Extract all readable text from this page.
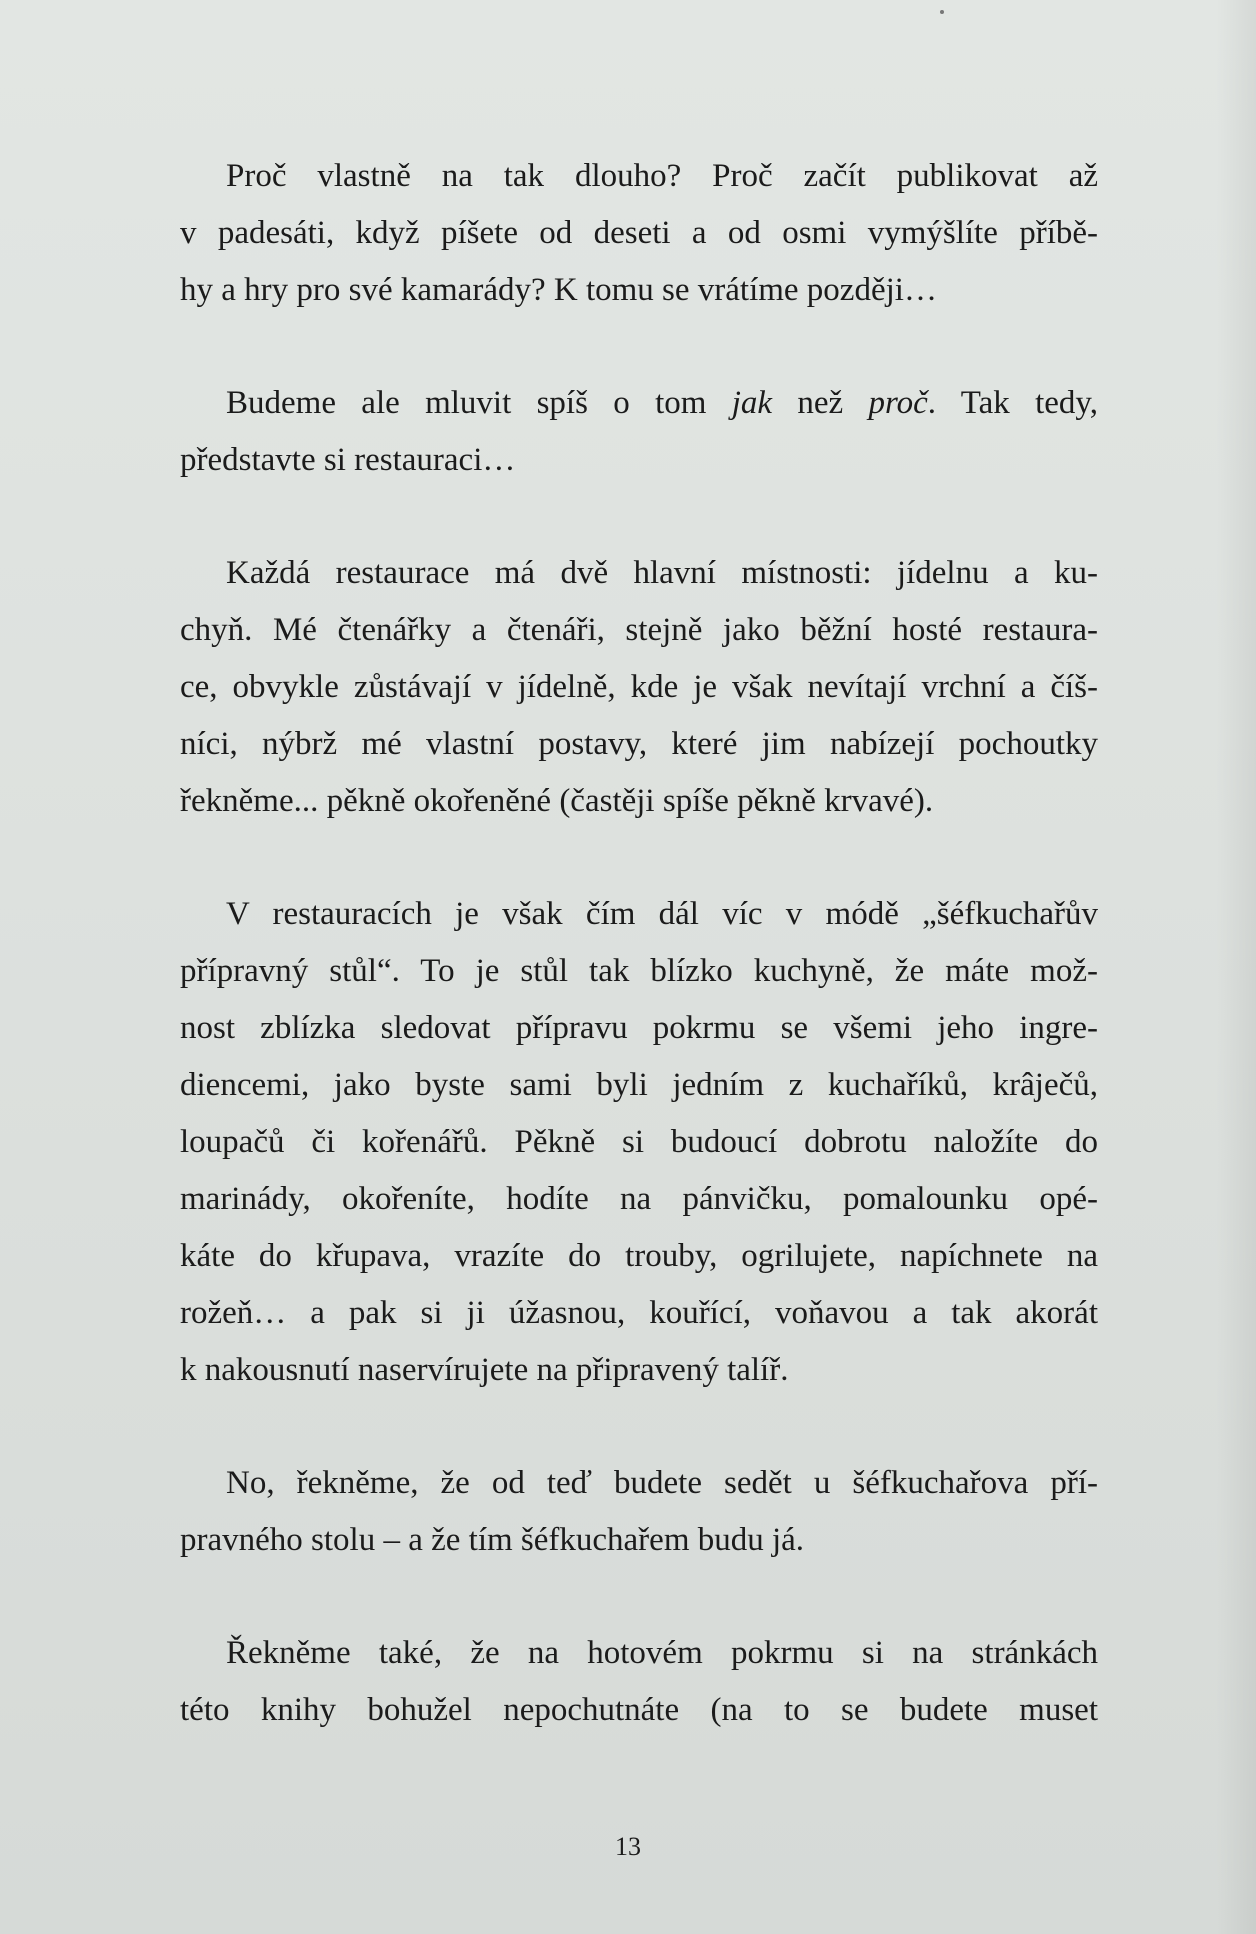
Proč vlastně na tak dlouho? Proč začít publikovat až
v padesáti, když píšete od deseti a od osmi vymýšlíte příbě-
hy a hry pro své kamarády? K tomu se vrátíme později…
Budeme ale mluvit spíš o tom jak než proč. Tak tedy,
představte si restauraci…
Každá restaurace má dvě hlavní místnosti: jídelnu a ku-
chyň. Mé čtenářky a čtenáři, stejně jako běžní hosté restaura-
ce, obvykle zůstávají v jídelně, kde je však nevítají vrchní a číš-
níci, nýbrž mé vlastní postavy, které jim nabízejí pochoutky
řekněme... pěkně okořeněné (častěji spíše pěkně krvavé).
V restauracích je však čím dál víc v módě „šéfkuchařův
přípravný stůl“. To je stůl tak blízko kuchyně, že máte mož-
nost zblízka sledovat přípravu pokrmu se všemi jeho ingre-
diencemi, jako byste sami byli jedním z kuchaříků, krâječů,
loupačů či kořenářů. Pěkně si budoucí dobrotu naložíte do
marinády, okořeníte, hodíte na pánvičku, pomalounku opé-
káte do křupava, vrazíte do trouby, ogrilujete, napíchnete na
rožeň… a pak si ji úžasnou, kouřící, voňavou a tak akorát
k nakousnutí naservírujete na připravený talíř.
No, řekněme, že od teď budete sedět u šéfkuchařova pří-
pravného stolu – a že tím šéfkuchařem budu já.
Řekněme také, že na hotovém pokrmu si na stránkách
této knihy bohužel nepochutnáte (na to se budete muset
13
